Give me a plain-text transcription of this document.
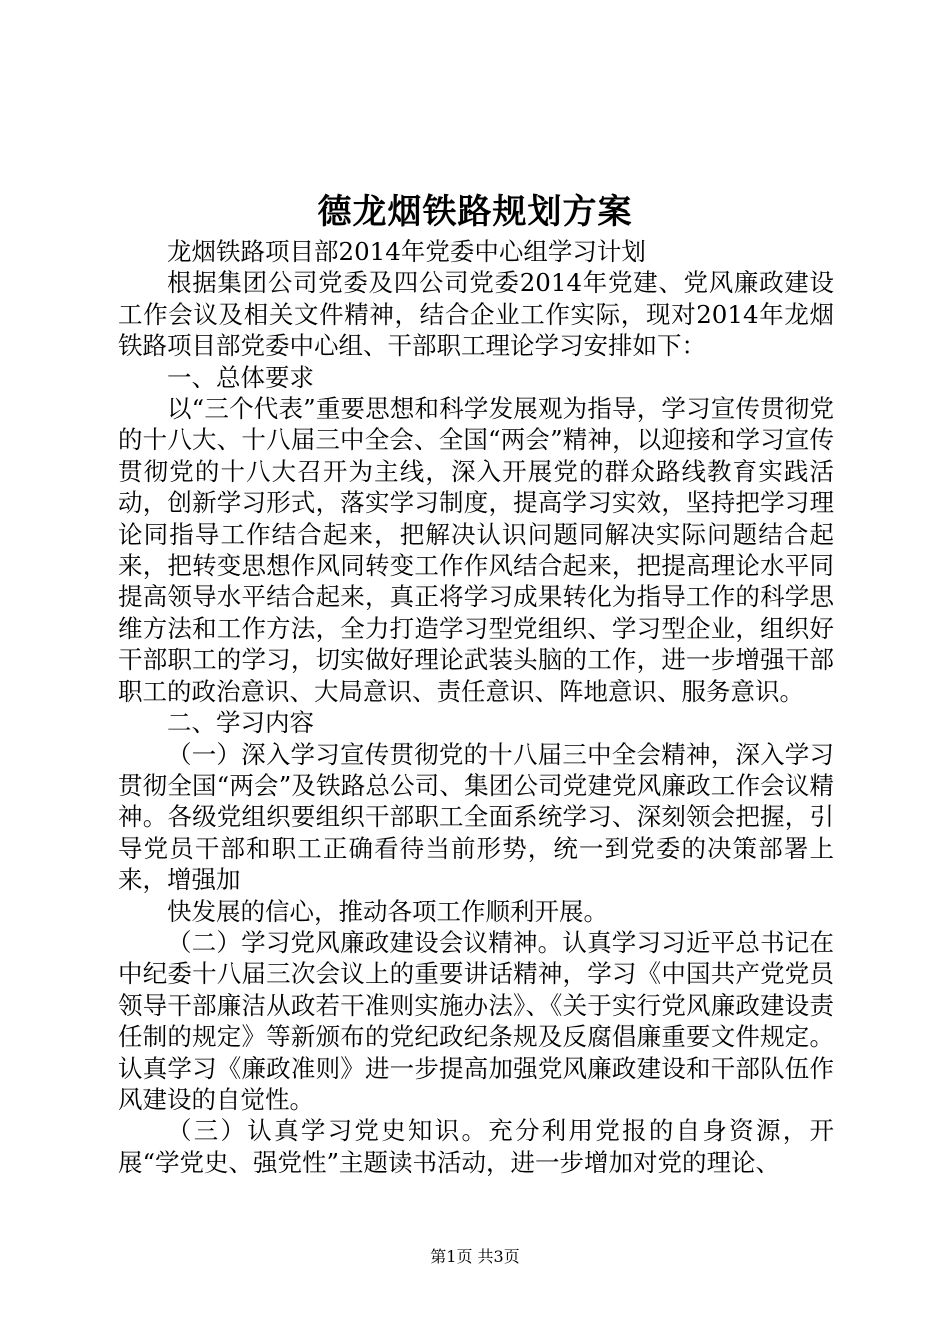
德龙烟铁路规划方案

龙烟铁路项目部2014年党委中心组学习计划

根据集团公司党委及四公司党委2014年党建、党风廉政建设工作会议及相关文件精神，结合企业工作实际，现对2014年龙烟铁路项目部党委中心组、干部职工理论学习安排如下：

一、总体要求

以“三个代表”重要思想和科学发展观为指导，学习宣传贯彻党的十八大、十八届三中全会、全国“两会”精神，以迎接和学习宣传贯彻党的十八大召开为主线，深入开展党的群众路线教育实践活动，创新学习形式，落实学习制度，提高学习实效，坚持把学习理论同指导工作结合起来，把解决认识问题同解决实际问题结合起来，把转变思想作风同转变工作作风结合起来，把提高理论水平同提高领导水平结合起来，真正将学习成果转化为指导工作的科学思维方法和工作方法，全力打造学习型党组织、学习型企业，组织好干部职工的学习，切实做好理论武装头脑的工作，进一步增强干部职工的政治意识、大局意识、责任意识、阵地意识、服务意识。

二、学习内容

（一）深入学习宣传贯彻党的十八届三中全会精神，深入学习贯彻全国“两会”及铁路总公司、集团公司党建党风廉政工作会议精神。各级党组织要组织干部职工全面系统学习、深刻领会把握，引导党员干部和职工正确看待当前形势，统一到党委的决策部署上来，增强加

快发展的信心，推动各项工作顺利开展。

（二）学习党风廉政建设会议精神。认真学习习近平总书记在中纪委十八届三次会议上的重要讲话精神，学习《中国共产党党员领导干部廉洁从政若干准则实施办法》、《关于实行党风廉政建设责任制的规定》等新颁布的党纪政纪条规及反腐倡廉重要文件规定。认真学习《廉政准则》进一步提高加强党风廉政建设和干部队伍作风建设的自觉性。

（三）认真学习党史知识。充分利用党报的自身资源，开展“学党史、强党性”主题读书活动，进一步增加对党的理论、

第1页 共3页
